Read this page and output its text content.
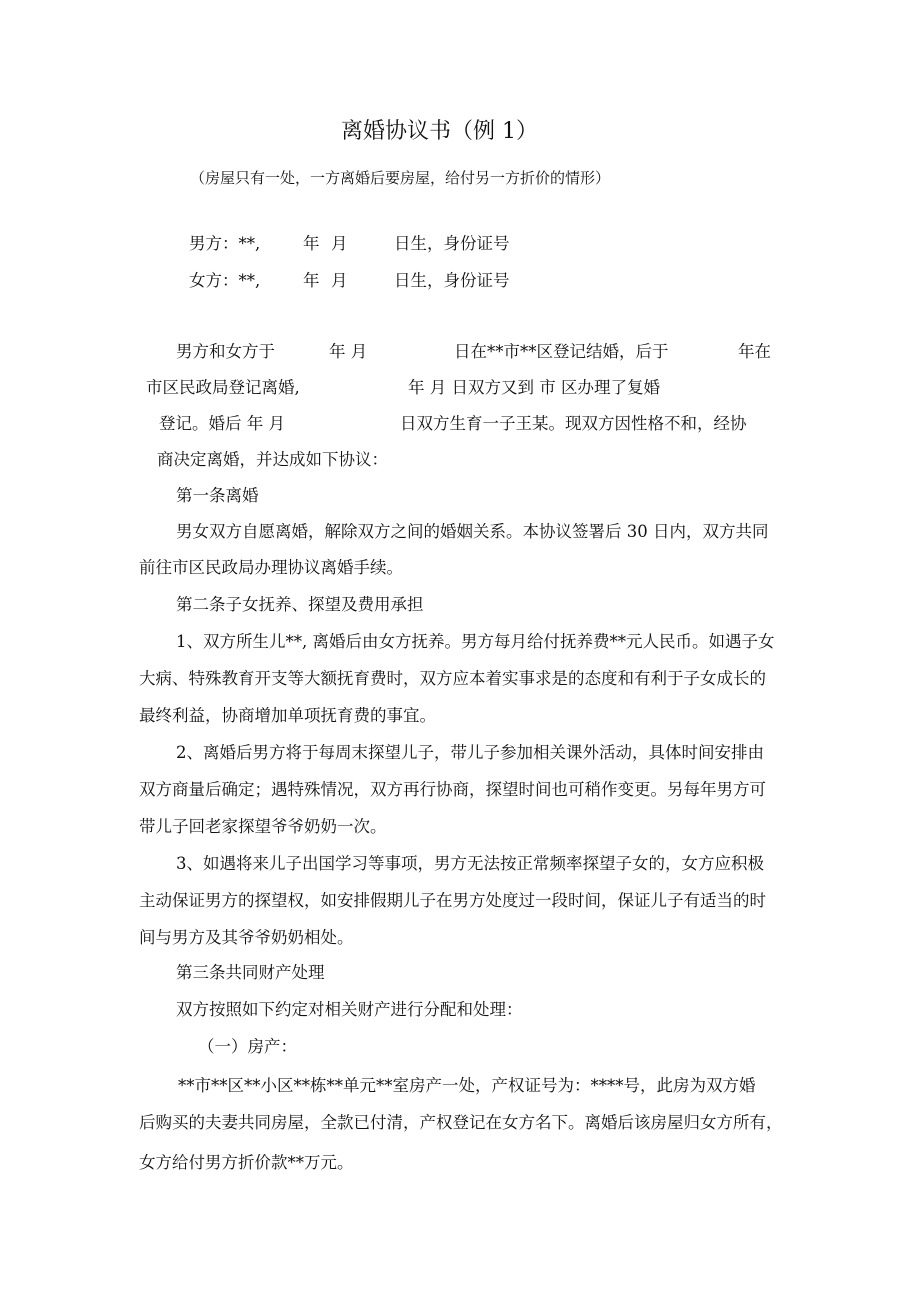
离婚协议书（例 1）
（房屋只有一处，一方离婚后要房屋，给付另一方折价的情形）
男方：**,	年 月	日生，身份证号
女方：**,	年 月	日生，身份证号
男方和女方于	年 月	日在**市**区登记结婚，后于	年在
市区民政局登记离婚,	年 月 日双方又到 市 区办理了复婚
登记。婚后 年 月	日双方生育一子王某。现双方因性格不和，经协
商决定离婚，并达成如下协议：
第一条离婚
男女双方自愿离婚，解除双方之间的婚姻关系。本协议签署后 30 日内，双方共同
前往市区民政局办理协议离婚手续。
第二条子女抚养、探望及费用承担
1、双方所生儿**, 离婚后由女方抚养。男方每月给付抚养费**元人民币。如遇子女
大病、特殊教育开支等大额抚育费时，双方应本着实事求是的态度和有利于子女成长的
最终利益，协商增加单项抚育费的事宜。
2、离婚后男方将于每周末探望儿子，带儿子参加相关课外活动，具体时间安排由
双方商量后确定；遇特殊情况，双方再行协商，探望时间也可稍作变更。另每年男方可
带儿子回老家探望爷爷奶奶一次。
3、如遇将来儿子出国学习等事项，男方无法按正常频率探望子女的，女方应积极
主动保证男方的探望权，如安排假期儿子在男方处度过一段时间，保证儿子有适当的时
间与男方及其爷爷奶奶相处。
第三条共同财产处理
双方按照如下约定对相关财产进行分配和处理：
（一）房产：
**市**区**小区**栋**单元**室房产一处，产权证号为：****号，此房为双方婚
后购买的夫妻共同房屋，全款已付清，产权登记在女方名下。离婚后该房屋归女方所有，
女方给付男方折价款**万元。
